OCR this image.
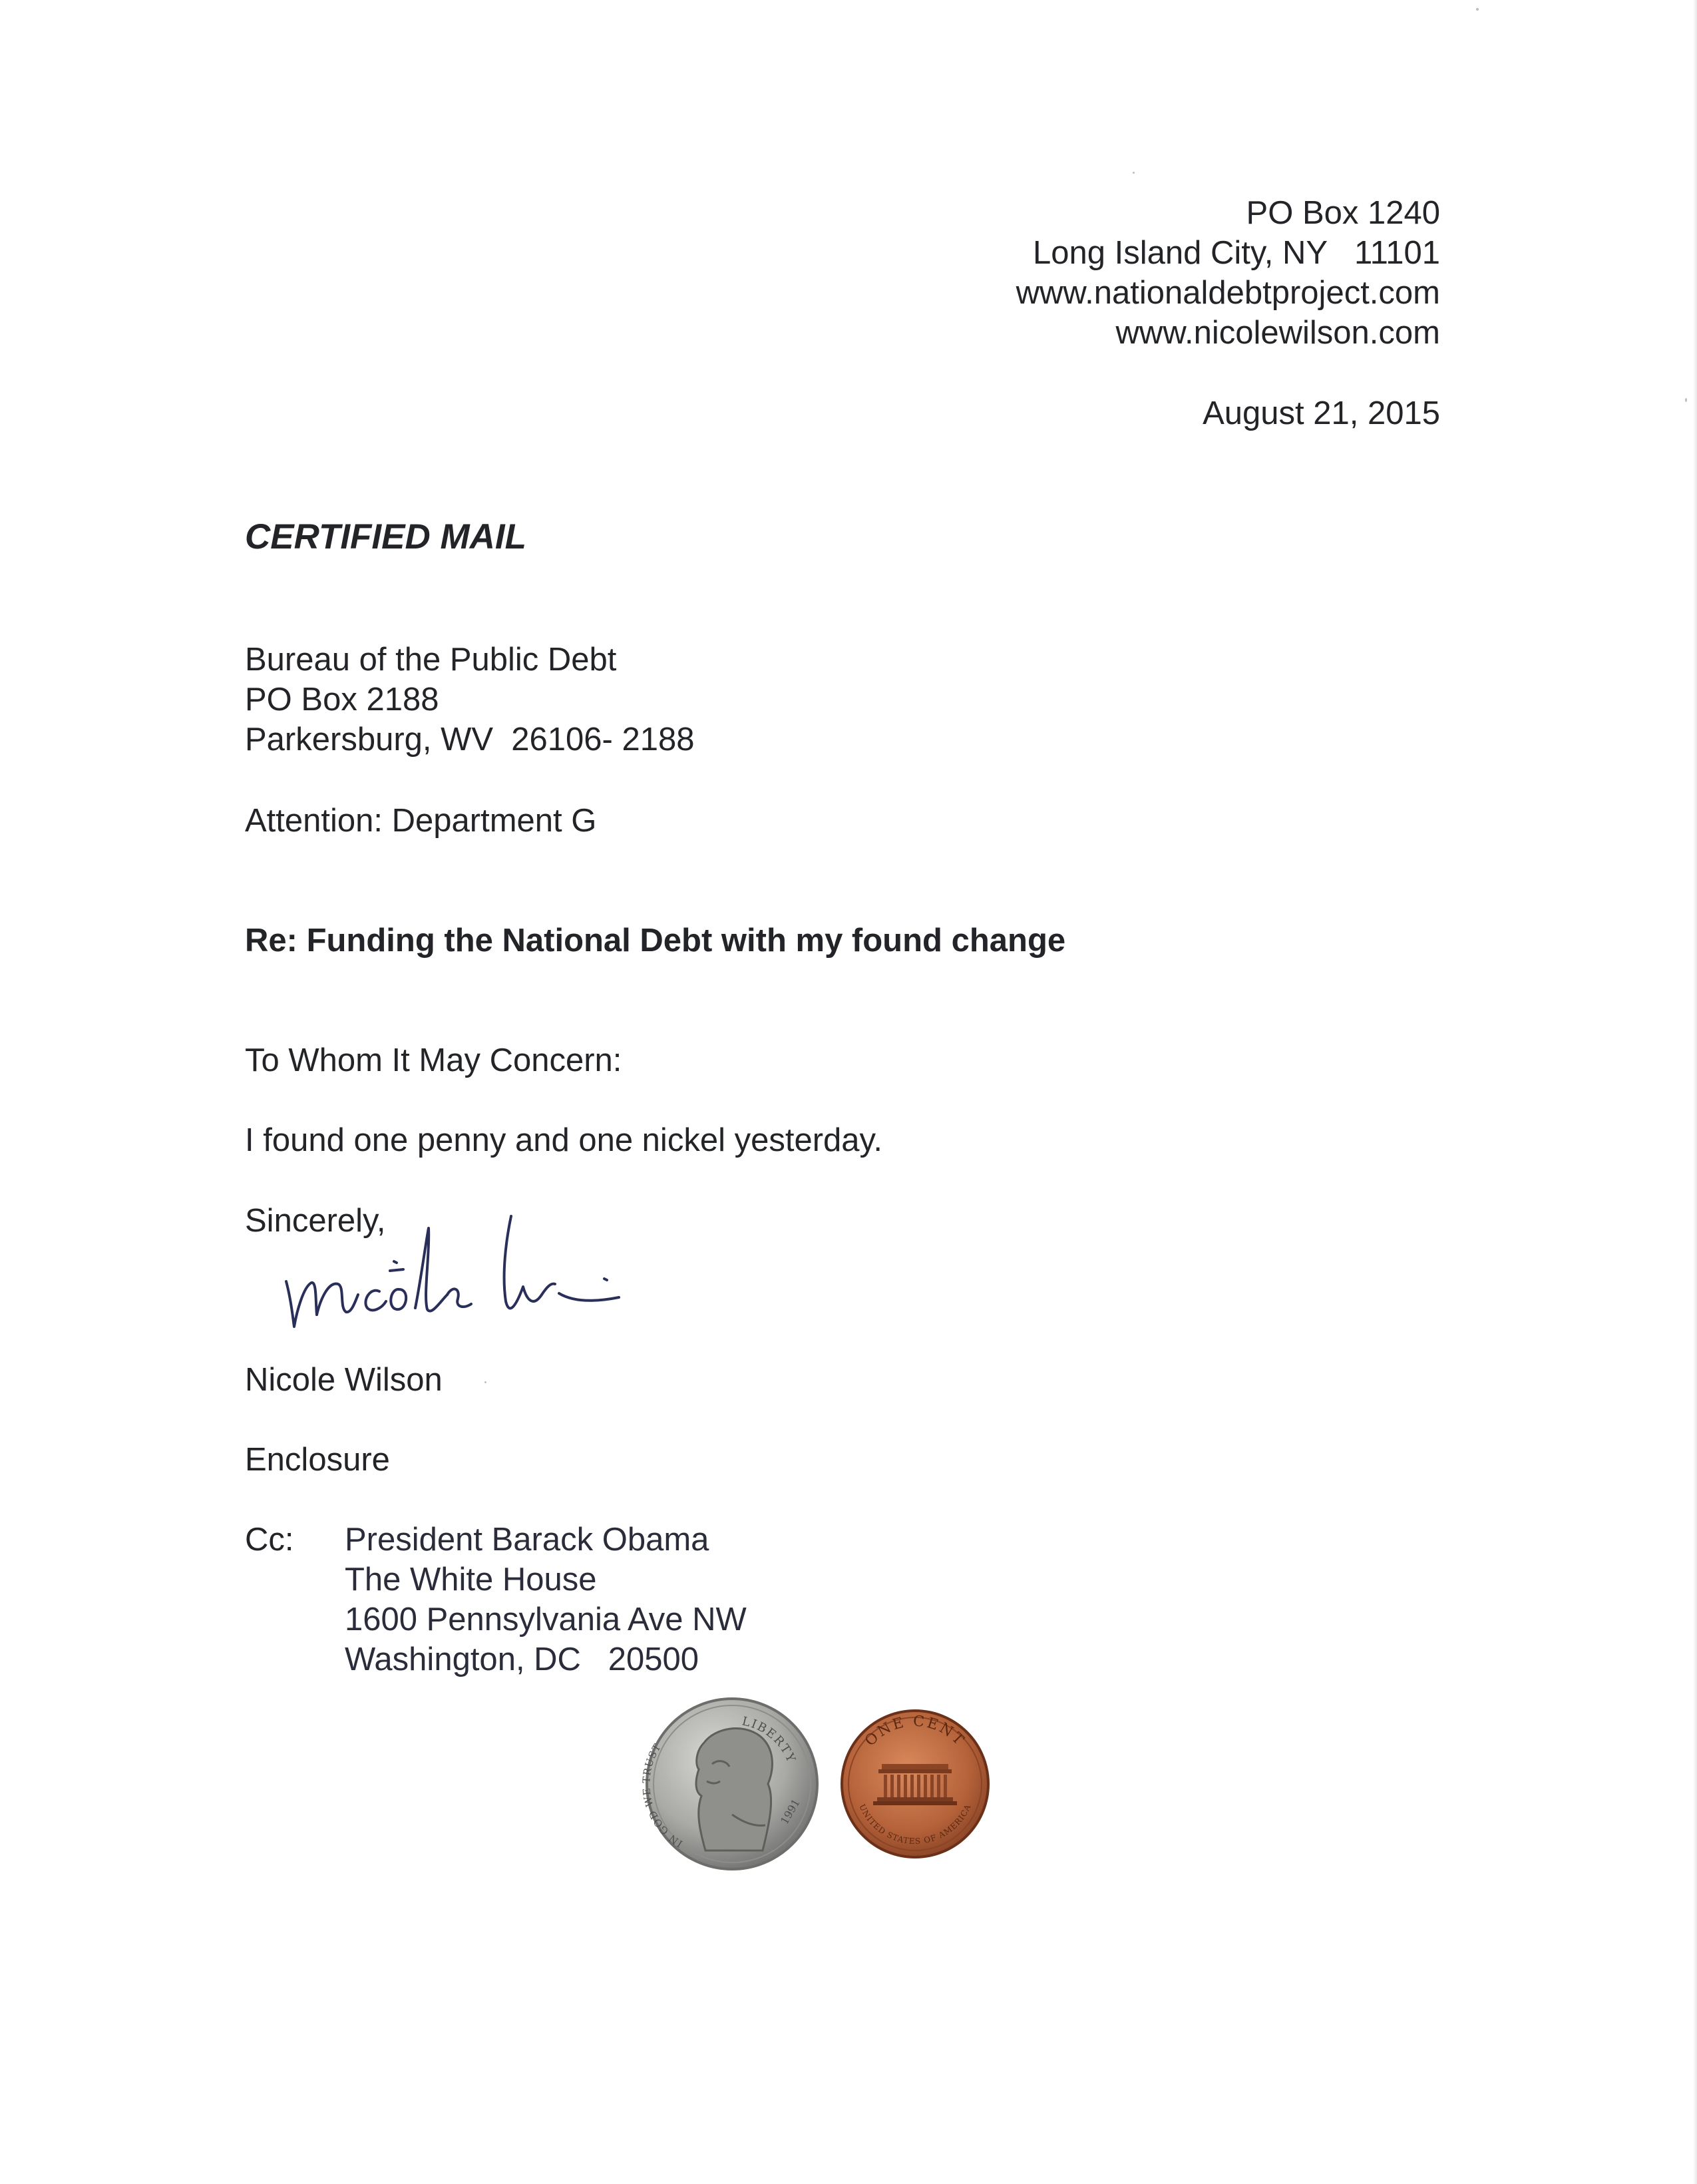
PO Box 1240
Long Island City, NY   11101
www.nationaldebtproject.com
www.nicolewilson.com
August 21, 2015
CERTIFIED MAIL
Bureau of the Public Debt
PO Box 2188
Parkersburg, WV  26106- 2188
Attention: Department G
Re: Funding the National Debt with my found change
To Whom It May Concern:
I found one penny and one nickel yesterday.
Sincerely,
Nicole Wilson
Enclosure
Cc: President Barack Obama
The White House
1600 Pennsylvania Ave NW
Washington, DC   20500
LIBERTY
IN GOD WE TRUST
1991
ONE CENT
UNITED STATES OF AMERICA
